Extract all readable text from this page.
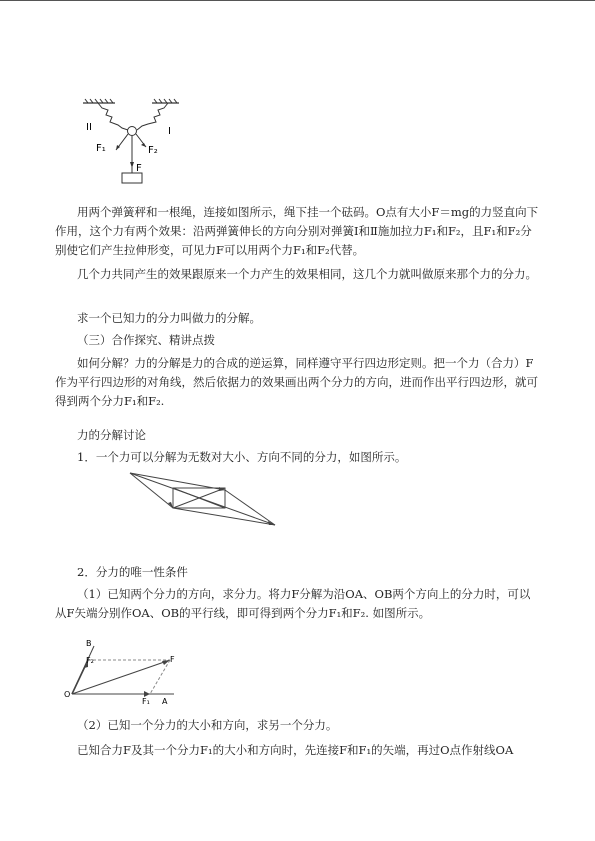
II	I
F₁	F₂
F

用两个弹簧秤和一根绳，连接如图所示，绳下挂一个砝码。O点有大小F＝mg的力竖直向下作用，这个力有两个效果：沿两弹簧伸长的方向分别对弹簧Ⅰ和Ⅱ施加拉力F₁和F₂，且F₁和F₂分别使它们产生拉伸形变，可见力F可以用两个力F₁和F₂代替。

几个力共同产生的效果跟原来一个力产生的效果相同，这几个力就叫做原来那个力的分力。

求一个已知力的分力叫做力的分解。

（三）合作探究、精讲点拨

如何分解？力的分解是力的合成的逆运算，同样遵守平行四边形定则。把一个力（合力）F作为平行四边形的对角线，然后依据力的效果画出两个分力的方向，进而作出平行四边形，就可得到两个分力F₁和F₂.

力的分解讨论

1．一个力可以分解为无数对大小、方向不同的分力，如图所示。

2．分力的唯一性条件

（1）已知两个分力的方向，求分力。将力F分解为沿OA、OB两个方向上的分力时，可以从F矢端分别作OA、OB的平行线，即可得到两个分力F₁和F₂. 如图所示。

B
F₂	F
O
F₁ A

（2）已知一个分力的大小和方向，求另一个分力。

已知合力F及其一个分力F₁的大小和方向时，先连接F和F₁的矢端，再过O点作射线OA
